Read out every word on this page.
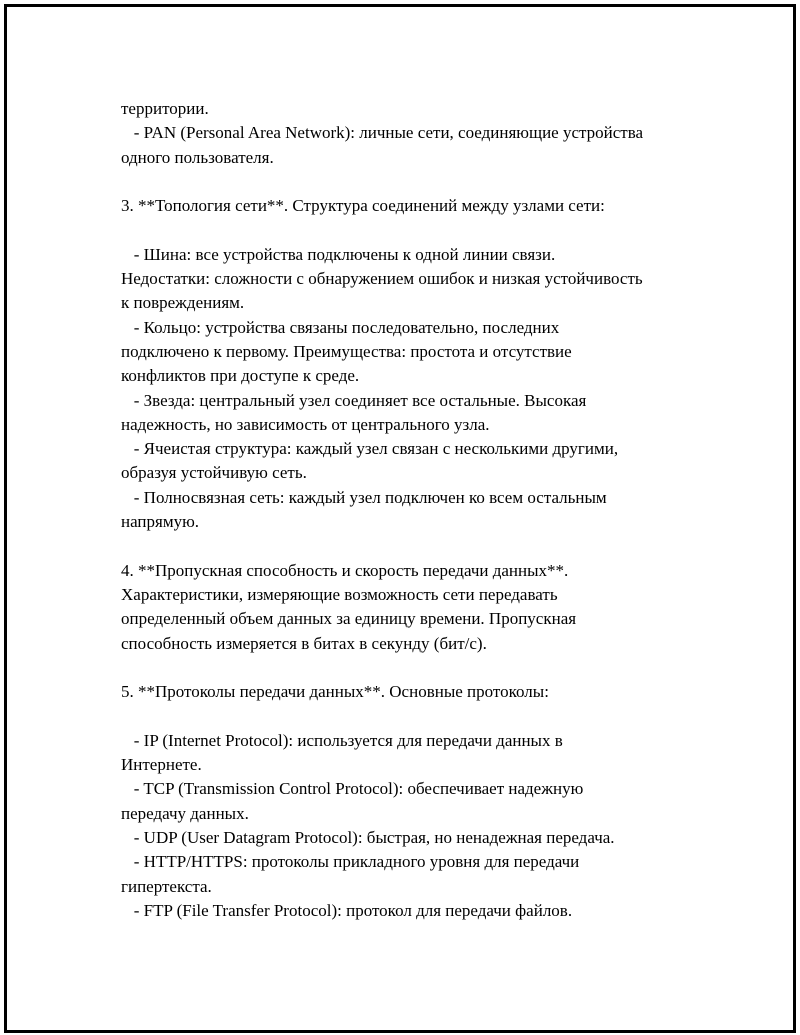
территории.
- PAN (Personal Area Network): личные сети, соединяющие устройства
одного пользователя.
3. **Топология сети**. Структура соединений между узлами сети:
- Шина: все устройства подключены к одной линии связи.
Недостатки: сложности с обнаружением ошибок и низкая устойчивость
к повреждениям.
- Кольцо: устройства связаны последовательно, последних
подключено к первому. Преимущества: простота и отсутствие
конфликтов при доступе к среде.
- Звезда: центральный узел соединяет все остальные. Высокая
надежность, но зависимость от центрального узла.
- Ячеистая структура: каждый узел связан с несколькими другими,
образуя устойчивую сеть.
- Полносвязная сеть: каждый узел подключен ко всем остальным
напрямую.
4. **Пропускная способность и скорость передачи данных**.
Характеристики, измеряющие возможность сети передавать
определенный объем данных за единицу времени. Пропускная
способность измеряется в битах в секунду (бит/с).
5. **Протоколы передачи данных**. Основные протоколы:
- IP (Internet Protocol): используется для передачи данных в
Интернете.
- TCP (Transmission Control Protocol): обеспечивает надежную
передачу данных.
- UDP (User Datagram Protocol): быстрая, но ненадежная передача.
- HTTP/HTTPS: протоколы прикладного уровня для передачи
гипертекста.
- FTP (File Transfer Protocol): протокол для передачи файлов.
